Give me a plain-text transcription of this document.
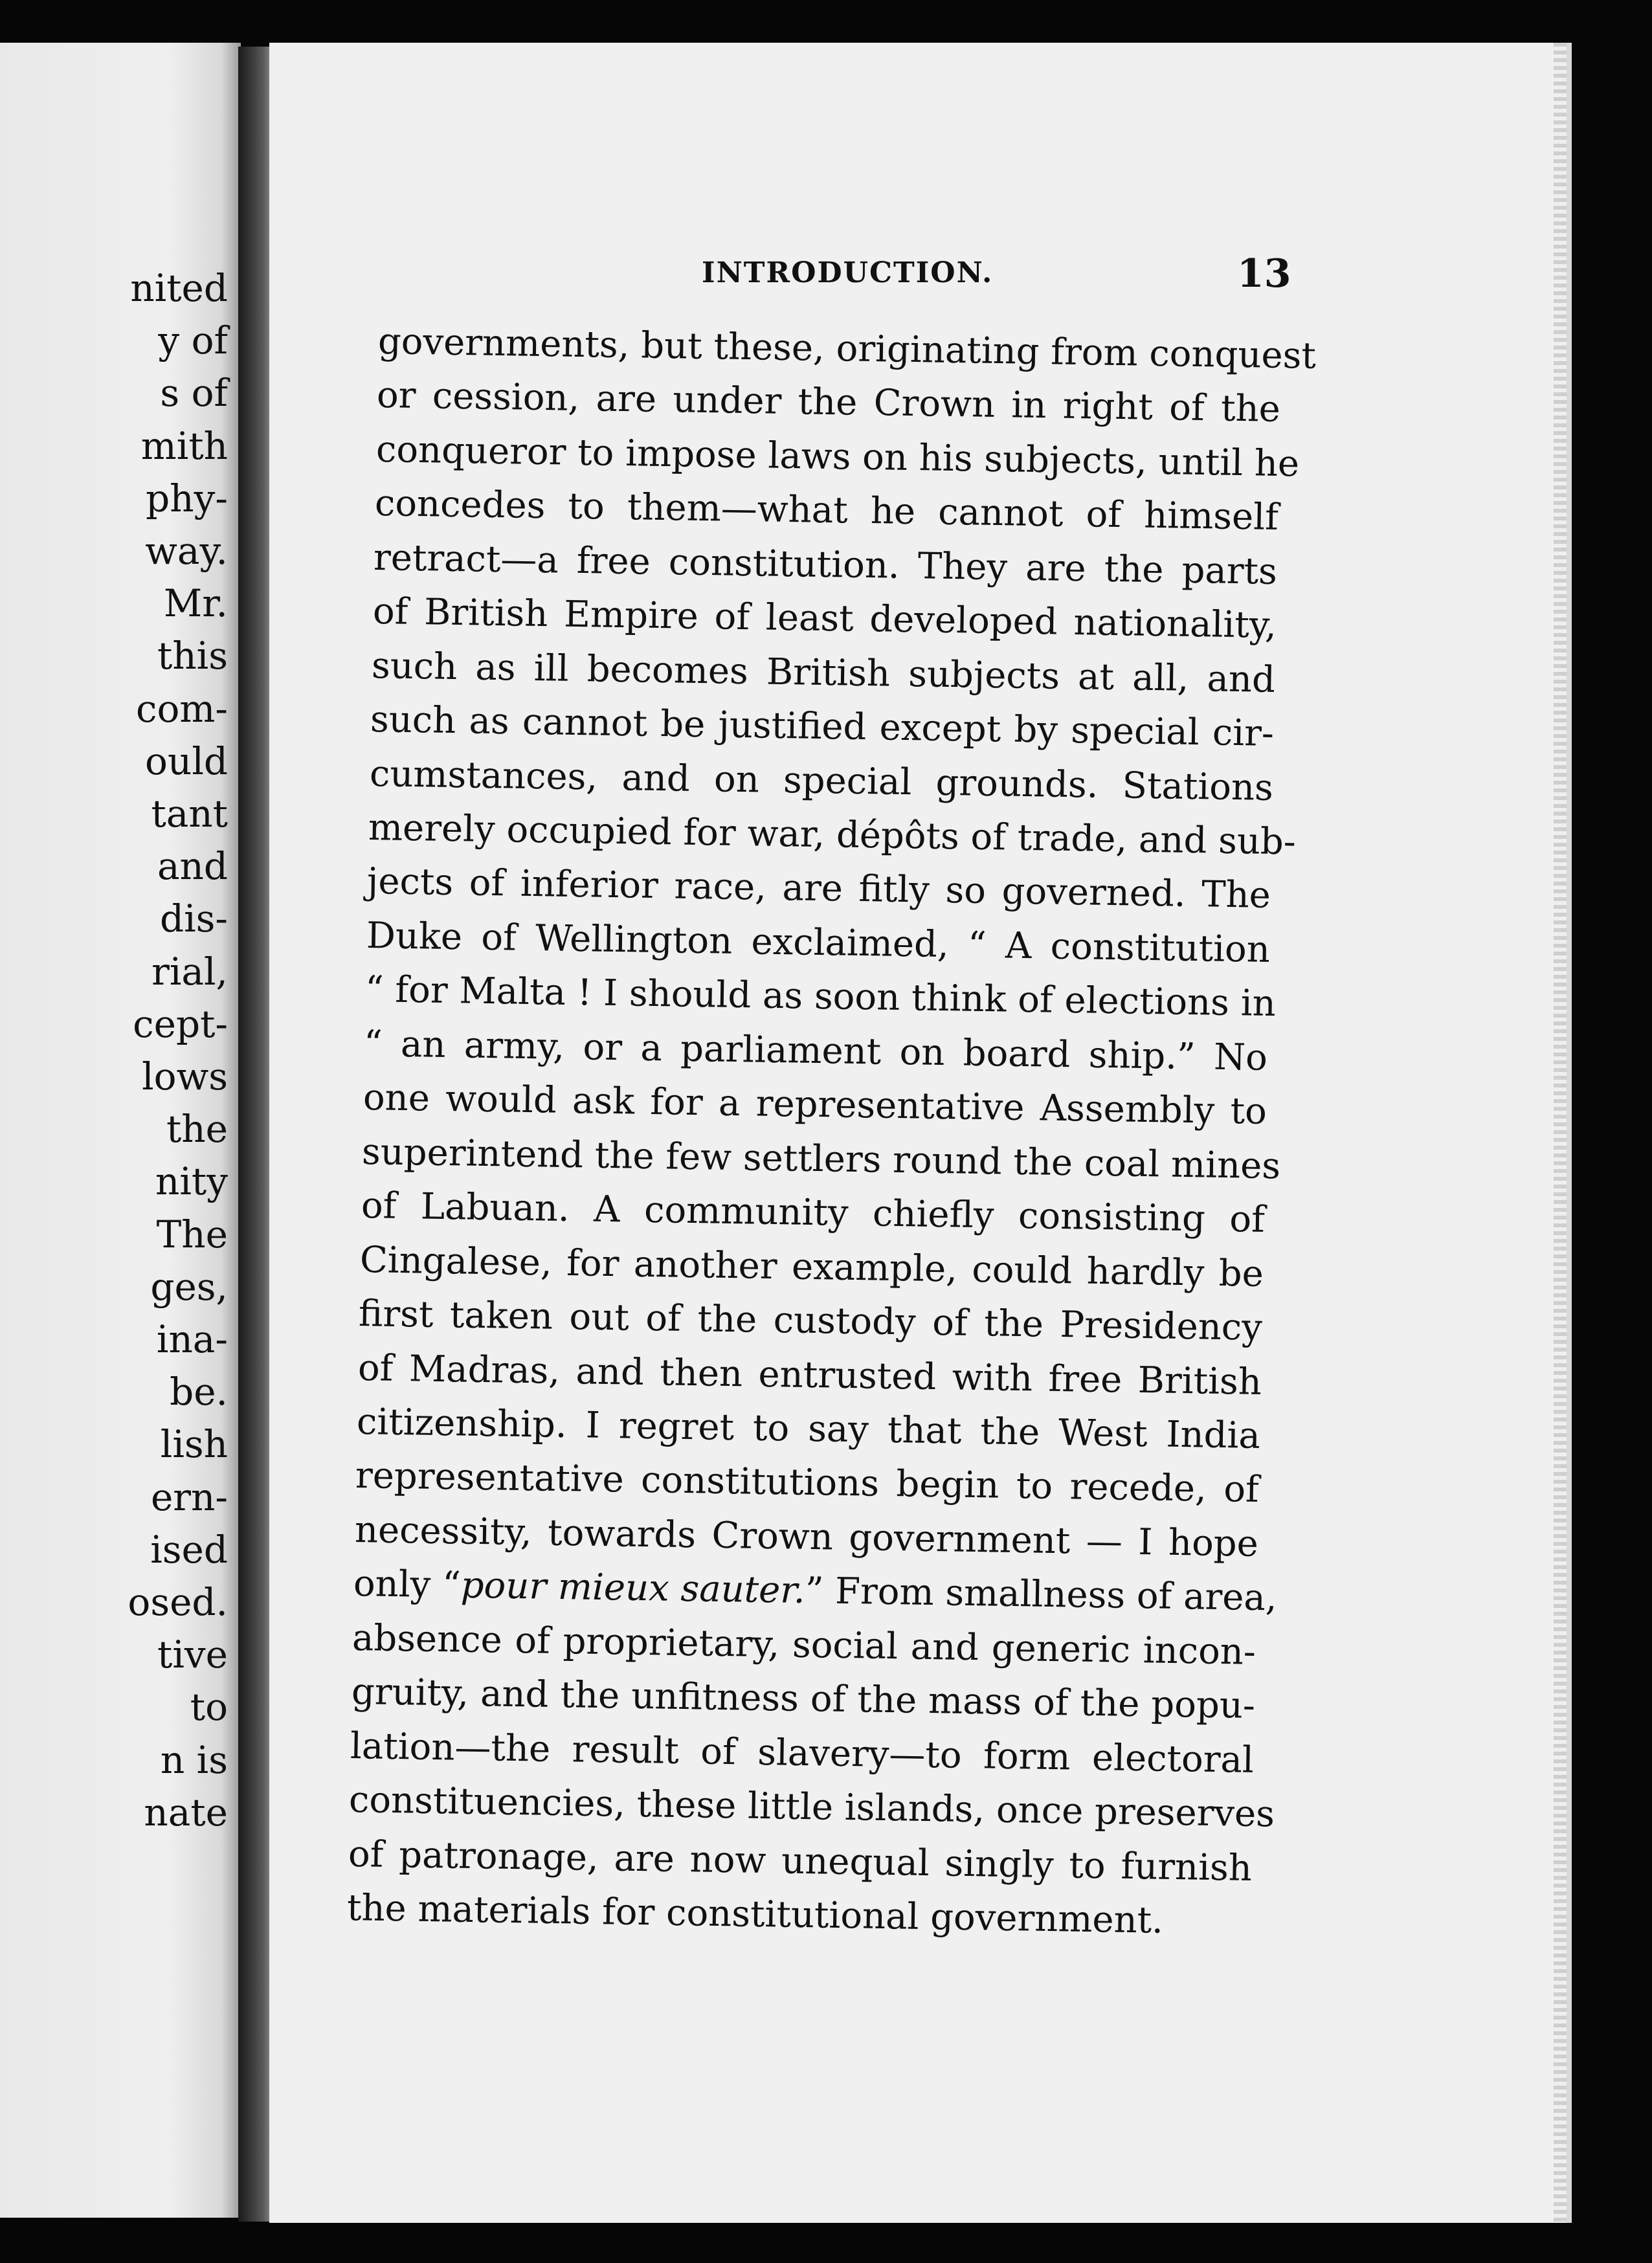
nited
y of
s of
mith
phy-
way.
Mr.
this
com-
ould
tant
and
dis-
rial,
cept-
lows
the
nity
The
ges,
ina-
be.
lish
ern-
ised
osed.
tive
to
n is
nate
INTRODUCTION.	13
governments, but these, originating from conquest
or cession, are under the Crown in right of the
conqueror to impose laws on his subjects, until he
concedes to them—what he cannot of himself
retract—a free constitution. They are the parts
of British Empire of least developed nationality,
such as ill becomes British subjects at all, and
such as cannot be justified except by special cir-
cumstances, and on special grounds. Stations
merely occupied for war, dépôts of trade, and sub-
jects of inferior race, are fitly so governed. The
Duke of Wellington exclaimed, “ A constitution
“ for Malta ! I should as soon think of elections in
“ an army, or a parliament on board ship.” No
one would ask for a representative Assembly to
superintend the few settlers round the coal mines
of Labuan. A community chiefly consisting of
Cingalese, for another example, could hardly be
first taken out of the custody of the Presidency
of Madras, and then entrusted with free British
citizenship. I regret to say that the West India
representative constitutions begin to recede, of
necessity, towards Crown government — I hope
only “pour mieux sauter.” From smallness of area,
absence of proprietary, social and generic incon-
gruity, and the unfitness of the mass of the popu-
lation—the result of slavery—to form electoral
constituencies, these little islands, once preserves
of patronage, are now unequal singly to furnish
the materials for constitutional government.
